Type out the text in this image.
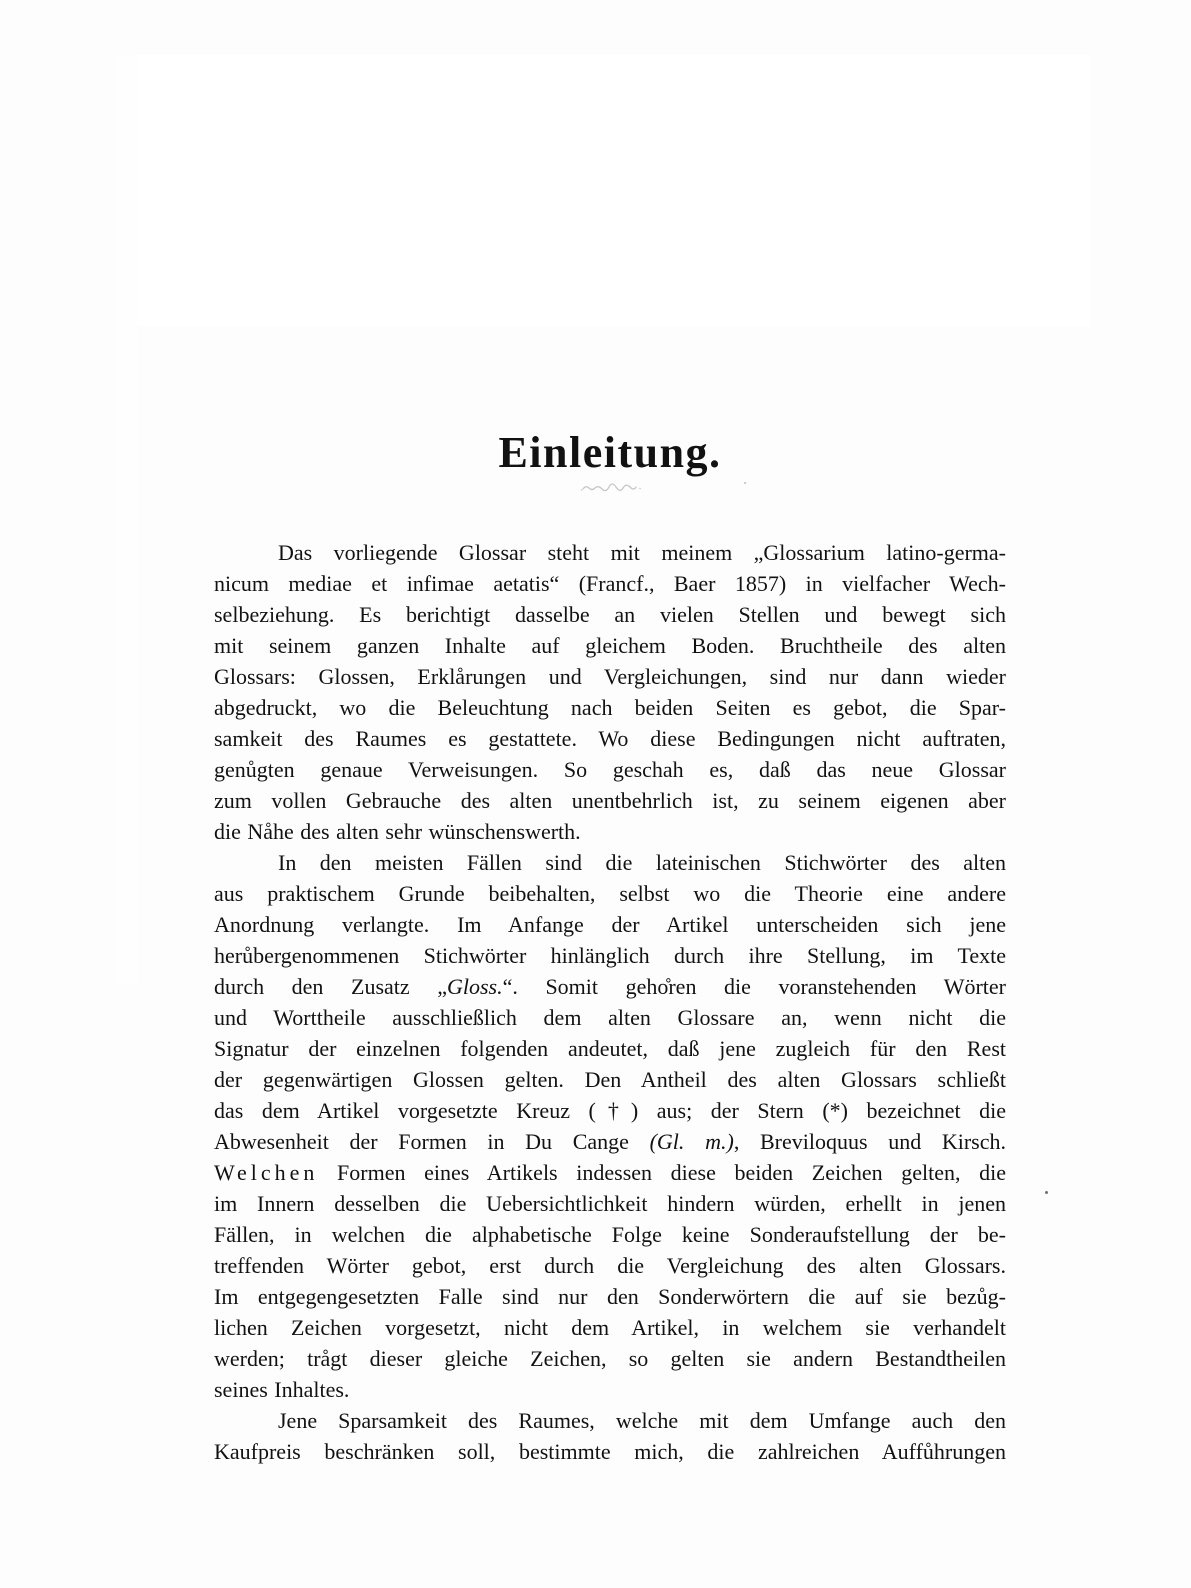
Einleitung.
Das vorliegende Glossar steht mit meinem „Glossarium latino-germa-
nicum mediae et infimae aetatis“ (Francf., Baer 1857) in vielfacher Wech-
selbeziehung. Es berichtigt dasselbe an vielen Stellen und bewegt sich
mit seinem ganzen Inhalte auf gleichem Boden. Bruchtheile des alten
Glossars: Glossen, Erklårungen und Vergleichungen, sind nur dann wieder
abgedruckt, wo die Beleuchtung nach beiden Seiten es gebot, die Spar-
samkeit des Raumes es gestattete. Wo diese Bedingungen nicht auftraten,
genůgten genaue Verweisungen. So geschah es, daß das neue Glossar
zum vollen Gebrauche des alten unentbehrlich ist, zu seinem eigenen aber
die Nåhe des alten sehr wünschenswerth.
In den meisten Fällen sind die lateinischen Stichwörter des alten
aus praktischem Grunde beibehalten, selbst wo die Theorie eine andere
Anordnung verlangte. Im Anfange der Artikel unterscheiden sich jene
herůbergenommenen Stichwörter hinlänglich durch ihre Stellung, im Texte
durch den Zusatz „Gloss.“. Somit geho̊ren die voranstehenden Wörter
und Worttheile ausschließlich dem alten Glossare an, wenn nicht die
Signatur der einzelnen folgenden andeutet, daß jene zugleich für den Rest
der gegenwärtigen Glossen gelten. Den Antheil des alten Glossars schließt
das dem Artikel vorgesetzte Kreuz (†) aus; der Stern (*) bezeichnet die
Abwesenheit der Formen in Du Cange (Gl. m.), Breviloquus und Kirsch.
Welchen Formen eines Artikels indessen diese beiden Zeichen gelten, die
im Innern desselben die Uebersichtlichkeit hindern würden, erhellt in jenen
Fällen, in welchen die alphabetische Folge keine Sonderaufstellung der be-
treffenden Wörter gebot, erst durch die Vergleichung des alten Glossars.
Im entgegengesetzten Falle sind nur den Sonderwörtern die auf sie bezůg-
lichen Zeichen vorgesetzt, nicht dem Artikel, in welchem sie verhandelt
werden; trågt dieser gleiche Zeichen, so gelten sie andern Bestandtheilen
seines Inhaltes.
Jene Sparsamkeit des Raumes, welche mit dem Umfange auch den
Kaufpreis beschränken soll, bestimmte mich, die zahlreichen Auffůhrungen
